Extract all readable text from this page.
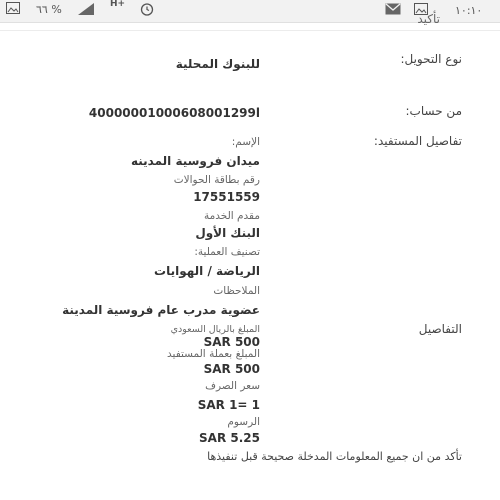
٦٦ %	H+	١٠:١٠
تأكيد
نوع التحويل:
للبنوك المحلية
من حساب:
40000001000608001299l
تفاصيل المستفيد:
الإسم:
ميدان فروسية المدينه
رقم بطاقة الحوالات
17551559
مقدم الخدمة
البنك الأول
تصنيف العملية:
الرياضة / الهوايات
الملاحظات
عضوية مدرب عام فروسية المدينة
التفاصيل
المبلغ بالريال السعودي
SAR 500
المبلغ بعملة المستفيد
SAR 500
سعر الصرف
SAR 1= 1
الرسوم
SAR 5.25
تأكد من ان جميع المعلومات المدخلة صحيحة قبل تنفيذها
